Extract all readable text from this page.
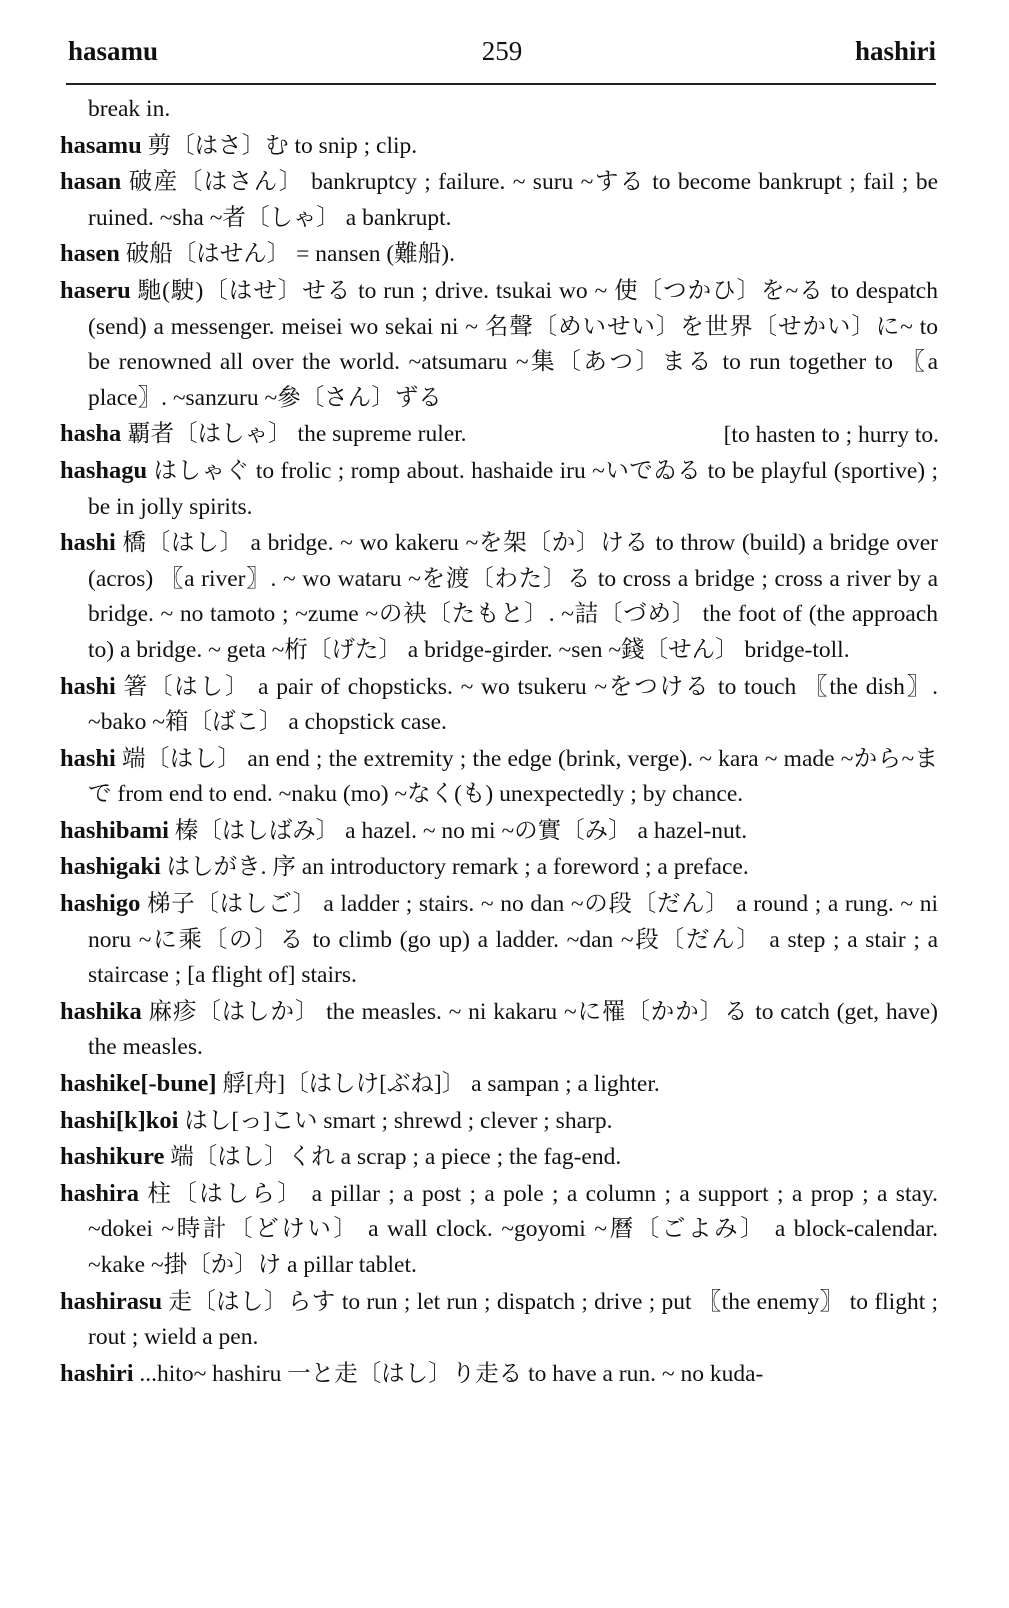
hasamu	259	hashiri

break in.

hasamu 剪〔はさ〕む to snip ; clip.

hasan 破産〔はさん〕 bankruptcy ; failure. ~ suru ~する to become bankrupt ; fail ; be ruined. ~sha ~者〔しゃ〕 a bankrupt.

hasen 破船〔はせん〕 = nansen (難船).

haseru 馳(駛)〔はせ〕せる to run ; drive. tsukai wo ~ 使〔つかひ〕を~る to despatch (send) a messenger. meisei wo sekai ni ~ 名聲〔めいせい〕を世界〔せかい〕に~ to be renowned all over the world. ~atsumaru ~集〔あつ〕まる to run together to 〖a place〗. ~sanzuru ~參〔さん〕ずる

hasha 覇者〔はしゃ〕 the supreme ruler.

hashagu はしゃぐ to frolic ; romp about. hashaide iru ~いでゐる to be playful (sportive) ; be in jolly spirits.

hashi 橋〔はし〕 a bridge. ~ wo kakeru ~を架〔か〕ける to throw (build) a bridge over (acros) 〖a river〗. ~ wo wataru ~を渡〔わた〕る to cross a bridge ; cross a river by a bridge. ~ no tamoto ; ~zume ~の袂〔たもと〕. ~詰〔づめ〕 the foot of (the approach to) a bridge. ~ geta ~桁〔げた〕 a bridge-girder. ~sen ~錢〔せん〕 bridge-toll.

hashi 箸〔はし〕 a pair of chopsticks. ~ wo tsukeru ~をつける to touch 〖the dish〗. ~bako ~箱〔ばこ〕 a chopstick case.

hashi 端〔はし〕 an end ; the extremity ; the edge (brink, verge). ~ kara ~ made ~から~まで from end to end. ~naku (mo) ~なく(も) unexpectedly ; by chance.

hashibami 榛〔はしばみ〕 a hazel. ~ no mi ~の實〔み〕 a hazel-nut.

hashigaki はしがき. 序 an introductory remark ; a foreword ; a preface.

hashigo 梯子〔はしご〕 a ladder ; stairs. ~ no dan ~の段〔だん〕 a round ; a rung. ~ ni noru ~に乘〔の〕る to climb (go up) a ladder. ~dan ~段〔だん〕 a step ; a stair ; a staircase ; [a flight of] stairs.

hashika 麻疹〔はしか〕 the measles. ~ ni kakaru ~に罹〔かか〕る to catch (get, have) the measles.

hashike[-bune] 艀[舟]〔はしけ[ぶね]〕 a sampan ; a lighter.

hashi[k]koi はし[っ]こい smart ; shrewd ; clever ; sharp.

hashikure 端〔はし〕くれ a scrap ; a piece ; the fag-end.

hashira 柱〔はしら〕 a pillar ; a post ; a pole ; a column ; a support ; a prop ; a stay. ~dokei ~時計〔どけい〕 a wall clock. ~goyomi ~曆〔ごよみ〕 a block-calendar. ~kake ~掛〔か〕け a pillar tablet.

hashirasu 走〔はし〕らす to run ; let run ; dispatch ; drive ; put 〖the enemy〗 to flight ; rout ; wield a pen.

hashiri ...hito~ hashiru 一と走〔はし〕り走る to have a run. ~ no kuda-

[to hasten to ; hurry to.
